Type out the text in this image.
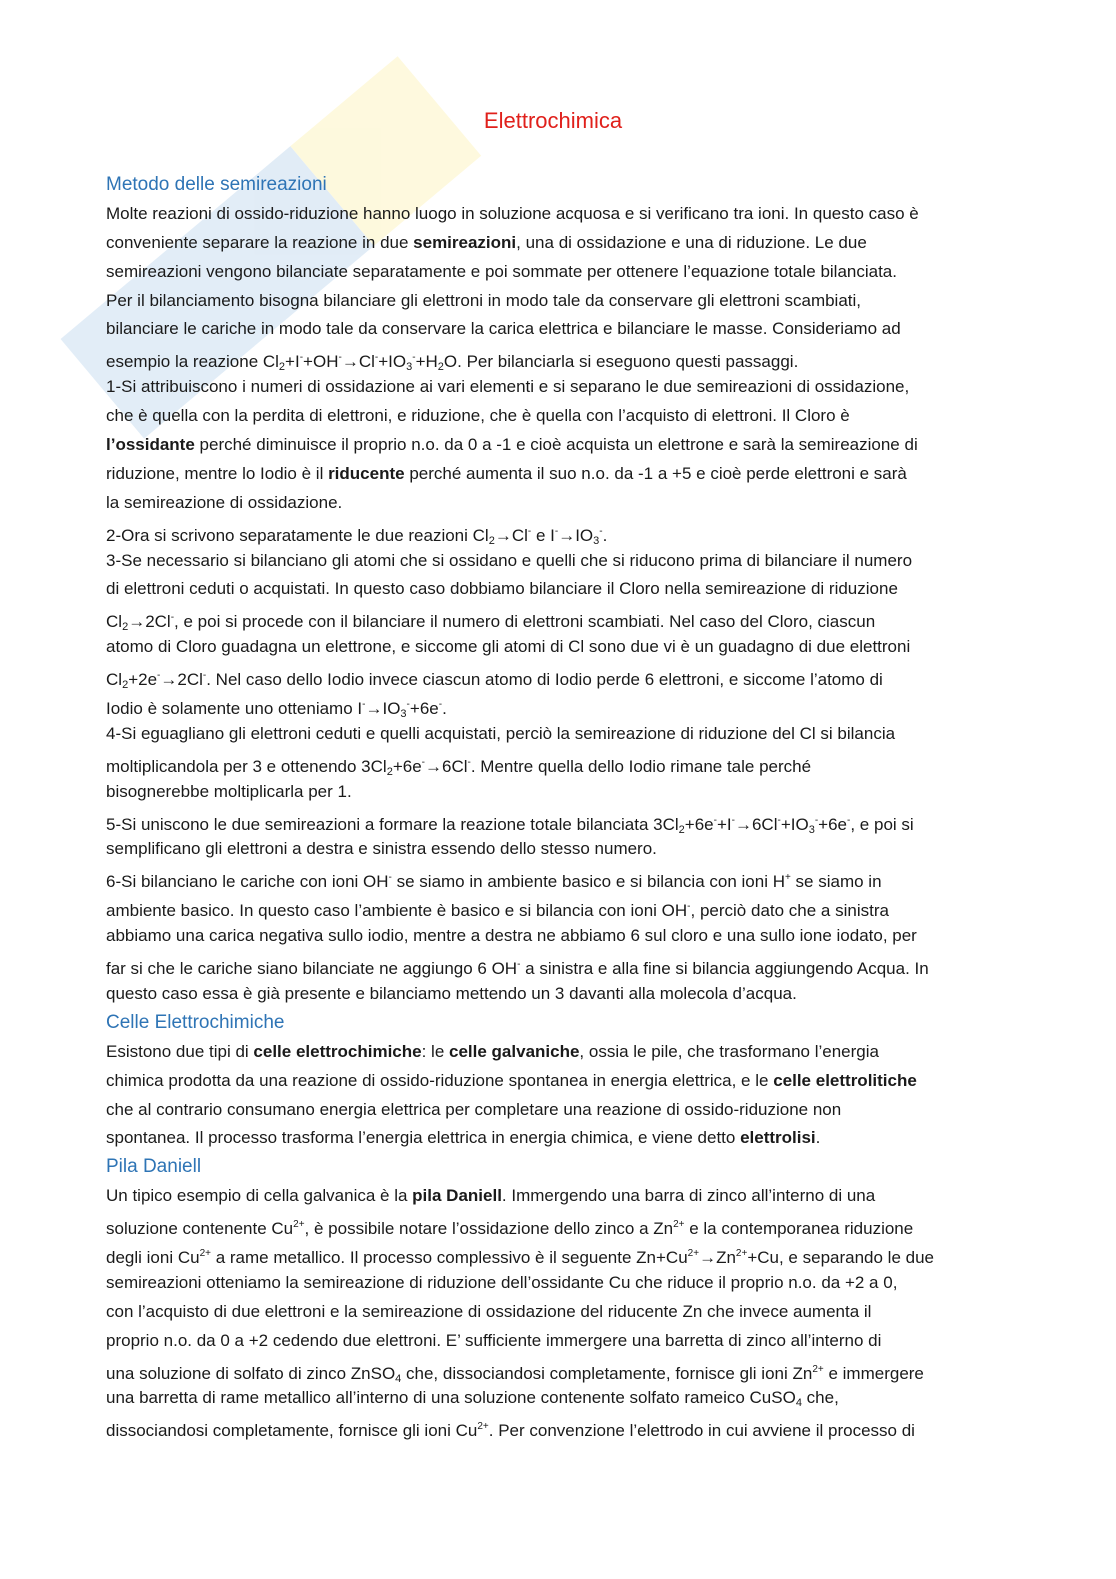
Elettrochimica
Metodo delle semireazioni
Molte reazioni di ossido-riduzione hanno luogo in soluzione acquosa e si verificano tra ioni. In questo caso è
conveniente separare la reazione in due semireazioni, una di ossidazione e una di riduzione. Le due
semireazioni vengono bilanciate separatamente e poi sommate per ottenere l’equazione totale bilanciata.
Per il bilanciamento bisogna bilanciare gli elettroni in modo tale da conservare gli elettroni scambiati,
bilanciare le cariche in modo tale da conservare la carica elettrica e bilanciare le masse. Consideriamo ad
esempio la reazione $Cl_2+I^-+OH^-\to Cl^-+IO_3^-+H_2O$. Per bilanciarla si eseguono questi passaggi.
1-Si attribuiscono i numeri di ossidazione ai vari elementi e si separano le due semireazioni di ossidazione,
che è quella con la perdita di elettroni, e riduzione, che è quella con l’acquisto di elettroni. Il Cloro è
l’ossidante perché diminuisce il proprio n.o. da 0 a -1 e cioè acquista un elettrone e sarà la semireazione di
riduzione, mentre lo Iodio è il riducente perché aumenta il suo n.o. da -1 a +5 e cioè perde elettroni e sarà
la semireazione di ossidazione.
2-Ora si scrivono separatamente le due reazioni $Cl_2\to Cl^-$ e $I^-\to IO_3^-$.
3-Se necessario si bilanciano gli atomi che si ossidano e quelli che si riducono prima di bilanciare il numero
di elettroni ceduti o acquistati. In questo caso dobbiamo bilanciare il Cloro nella semireazione di riduzione
$Cl_2\to 2Cl^-$, e poi si procede con il bilanciare il numero di elettroni scambiati. Nel caso del Cloro, ciascun
atomo di Cloro guadagna un elettrone, e siccome gli atomi di Cl sono due vi è un guadagno di due elettroni
$Cl_2+2e^-\to 2Cl^-$. Nel caso dello Iodio invece ciascun atomo di Iodio perde 6 elettroni, e siccome l’atomo di
Iodio è solamente uno otteniamo $I^-\to IO_3^-+6e^-$.
4-Si eguagliano gli elettroni ceduti e quelli acquistati, perciò la semireazione di riduzione del Cl si bilancia
moltiplicandola per 3 e ottenendo $3Cl_2+6e^-\to 6Cl^-$. Mentre quella dello Iodio rimane tale perché
bisognerebbe moltiplicarla per 1.
5-Si uniscono le due semireazioni a formare la reazione totale bilanciata $3Cl_2+6e^-+I^-\to 6Cl^-+IO_3^-+6e^-$, e poi si
semplificano gli elettroni a destra e sinistra essendo dello stesso numero.
6-Si bilanciano le cariche con ioni OH- se siamo in ambiente basico e si bilancia con ioni H+ se siamo in
ambiente basico. In questo caso l’ambiente è basico e si bilancia con ioni OH-, perciò dato che a sinistra
abbiamo una carica negativa sullo iodio, mentre a destra ne abbiamo 6 sul cloro e una sullo ione iodato, per
far si che le cariche siano bilanciate ne aggiungo 6 OH- a sinistra e alla fine si bilancia aggiungendo Acqua. In
questo caso essa è già presente e bilanciamo mettendo un 3 davanti alla molecola d’acqua.
Celle Elettrochimiche
Esistono due tipi di celle elettrochimiche: le celle galvaniche, ossia le pile, che trasformano l’energia
chimica prodotta da una reazione di ossido-riduzione spontanea in energia elettrica, e le celle elettrolitiche
che al contrario consumano energia elettrica per completare una reazione di ossido-riduzione non
spontanea. Il processo trasforma l’energia elettrica in energia chimica, e viene detto elettrolisi.
Pila Daniell
Un tipico esempio di cella galvanica è la pila Daniell. Immergendo una barra di zinco all’interno di una
soluzione contenente $Cu^{2+}$, è possibile notare l’ossidazione dello zinco a $Zn^{2+}$ e la contemporanea riduzione
degli ioni $Cu^{2+}$ a rame metallico. Il processo complessivo è il seguente $Zn+Cu^{2+}\to Zn^{2+}+Cu$, e separando le due
semireazioni otteniamo la semireazione di riduzione dell’ossidante Cu che riduce il proprio n.o. da +2 a 0,
con l’acquisto di due elettroni e la semireazione di ossidazione del riducente Zn che invece aumenta il
proprio n.o. da 0 a +2 cedendo due elettroni. E’ sufficiente immergere una barretta di zinco all’interno di
una soluzione di solfato di zinco ZnSO$_4$ che, dissociandosi completamente, fornisce gli ioni $Zn^{2+}$ e immergere
una barretta di rame metallico all’interno di una soluzione contenente solfato rameico CuSO$_4$ che,
dissociandosi completamente, fornisce gli ioni $Cu^{2+}$. Per convenzione l’elettrodo in cui avviene il processo di
